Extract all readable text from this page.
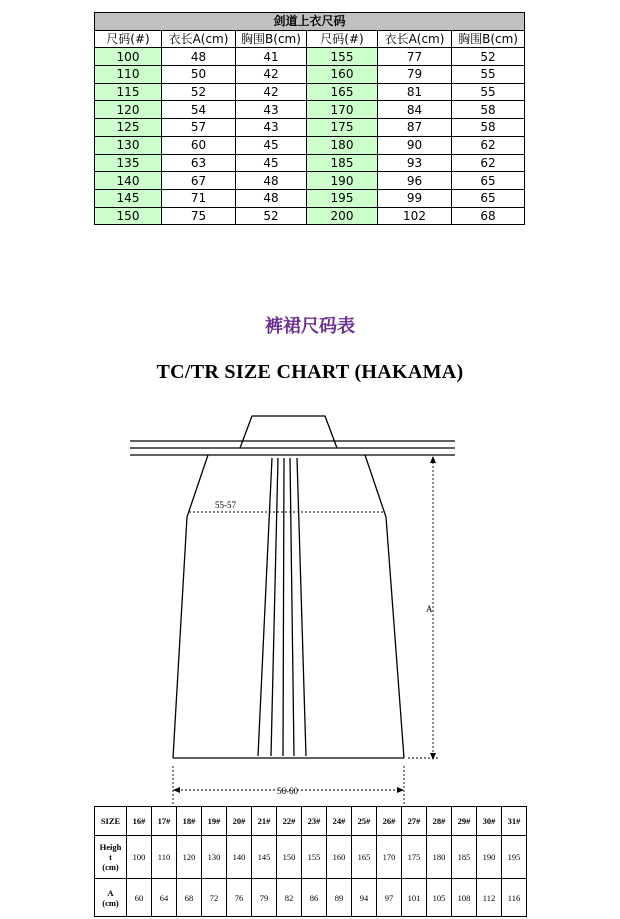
剑道上衣尺码					
尺码(#)	衣长A(cm)	胸围B(cm)	尺码(#)	衣长A(cm)	胸围B(cm)
100	48	41	155	77	52
110	50	42	160	79	55
115	52	42	165	81	55
120	54	43	170	84	58
125	57	43	175	87	58
130	60	45	180	90	62
135	63	45	185	93	62
140	67	48	190	96	65
145	71	48	195	99	65
150	75	52	200	102	68
裤裙尺码表
TC/TR SIZE CHART (HAKAMA)
55-57
A
56-60
SIZE	16#	17#	18#	19#	20#	21#	22#	23#	24#	25#	26#	27#	28#	29#	30#	31#
Heigh
t
(cm)	100	110	120	130	140	145	150	155	160	165	170	175	180	185	190	195
A
(cm)	60	64	68	72	76	79	82	86	89	94	97	101	105	108	112	116
